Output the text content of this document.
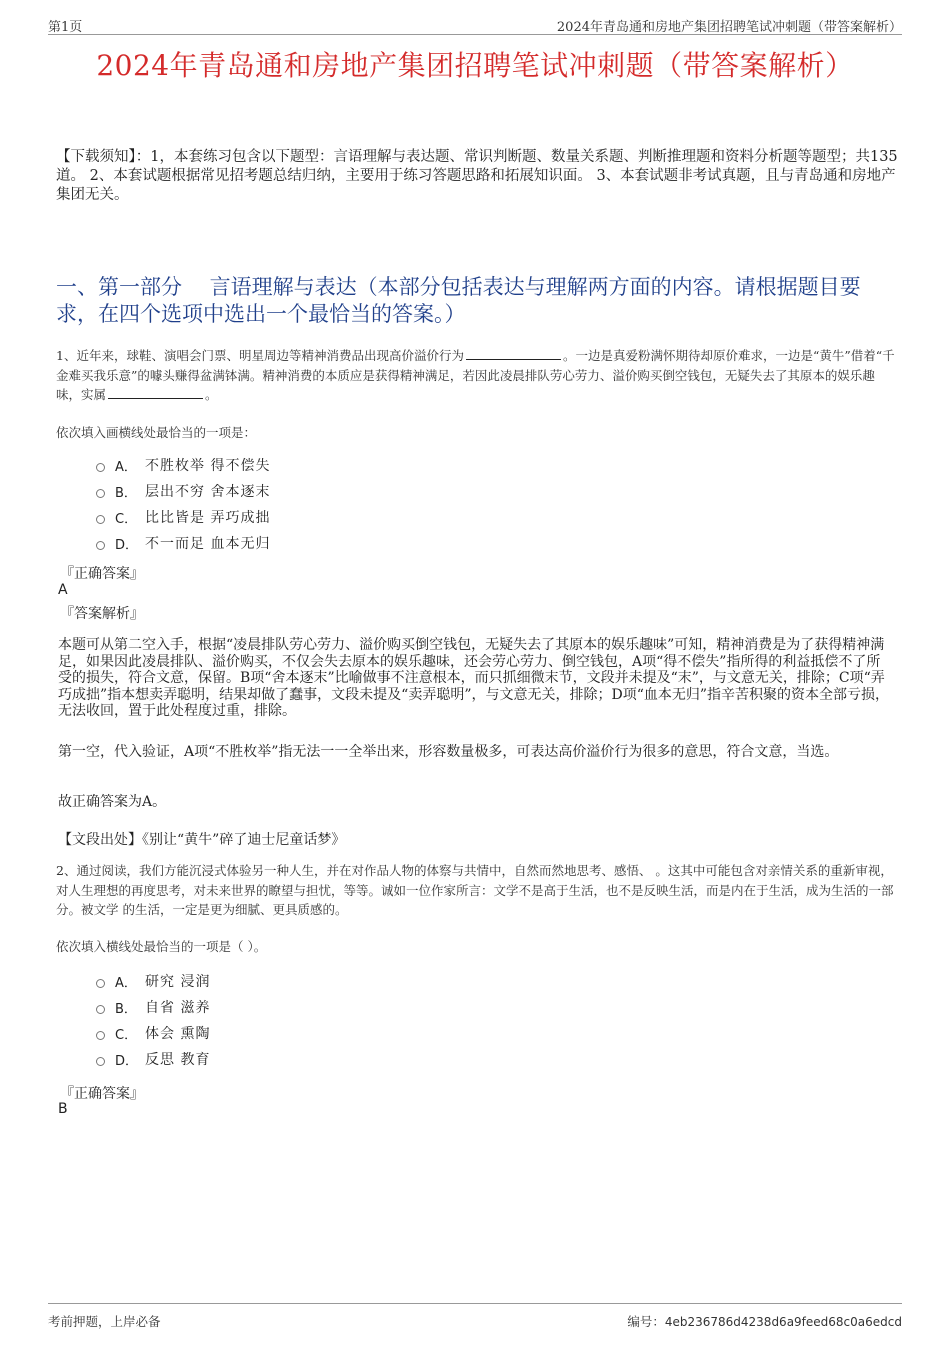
第1页	2024年青岛通和房地产集团招聘笔试冲刺题（带答案解析）
2024年青岛通和房地产集团招聘笔试冲刺题（带答案解析）
【下载须知】：1，本套练习包含以下题型：言语理解与表达题、常识判断题、数量关系题、判断推理题和资料分析题等题型；共135道。 2、本套试题根据常见招考题总结归纳，主要用于练习答题思路和拓展知识面。 3、本套试题非考试真题，且与青岛通和房地产集团无关。
一、第一部分　 言语理解与表达（本部分包括表达与理解两方面的内容。请根据题目要求，在四个选项中选出一个最恰当的答案。）
1、近年来，球鞋、演唱会门票、明星周边等精神消费品出现高价溢价行为	。一边是真爱粉满怀期待却原价难求，一边是“黄牛”借着“千金难买我乐意”的噱头赚得盆满钵满。精神消费的本质应是获得精神满足，若因此凌晨排队劳心劳力、溢价购买倒空钱包，无疑失去了其原本的娱乐趣味，实属	。
依次填入画横线处最恰当的一项是：
A． 不胜枚举 得不偿失
B． 层出不穷 舍本逐末
C． 比比皆是 弄巧成拙
D． 不一而足 血本无归
『正确答案』
A
『答案解析』
本题可从第二空入手，根据“凌晨排队劳心劳力、溢价购买倒空钱包，无疑失去了其原本的娱乐趣味”可知，精神消费是为了获得精神满足，如果因此凌晨排队、溢价购买，不仅会失去原本的娱乐趣味，还会劳心劳力、倒空钱包，A项“得不偿失”指所得的利益抵偿不了所受的损失，符合文意，保留。B项“舍本逐末”比喻做事不注意根本，而只抓细微末节，文段并未提及“末”，与文意无关，排除；C项“弄巧成拙”指本想卖弄聪明，结果却做了蠢事，文段未提及“卖弄聪明”，与文意无关，排除；D项“血本无归”指辛苦积聚的资本全部亏损，无法收回，置于此处程度过重，排除。
第一空，代入验证，A项“不胜枚举”指无法一一全举出来，形容数量极多，可表达高价溢价行为很多的意思，符合文意，当选。
故正确答案为A。
【文段出处】《别让“黄牛”碎了迪士尼童话梦》
2、通过阅读，我们方能沉浸式体验另一种人生，并在对作品人物的体察与共情中，自然而然地思考、感悟、 。这其中可能包含对亲情关系的重新审视，对人生理想的再度思考，对未来世界的瞭望与担忧，等等。诚如一位作家所言：文学不是高于生活，也不是反映生活，而是内在于生活，成为生活的一部分。被文学 的生活，一定是更为细腻、更具质感的。
依次填入横线处最恰当的一项是（ ）。
A． 研究 浸润
B． 自省 滋养
C． 体会 熏陶
D． 反思 教育
『正确答案』
B
考前押题，上岸必备	编号：4eb236786d4238d6a9feed68c0a6edcd
